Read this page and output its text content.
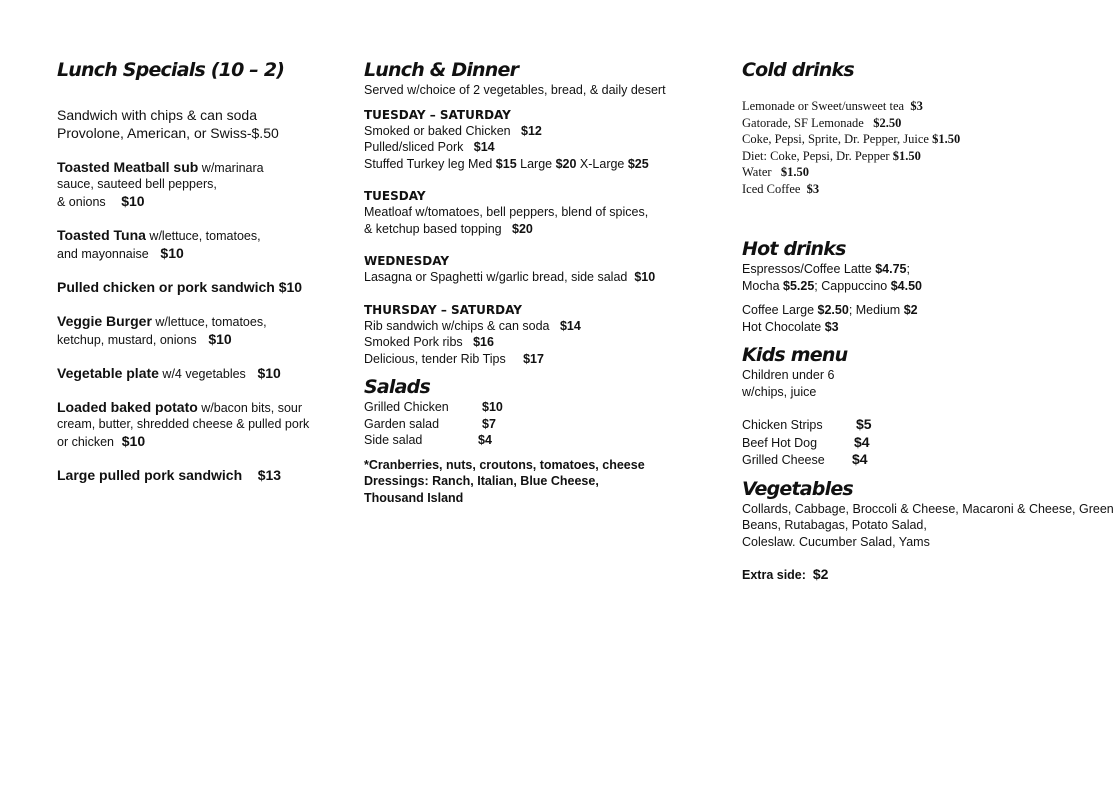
Lunch Specials (10 – 2)
Sandwich with chips & can soda
Provolone, American, or Swiss-$.50
Toasted Meatball sub w/marinara
sauce, sauteed bell peppers,
& onions $10
Toasted Tuna w/lettuce, tomatoes,
and mayonnaise $10
Pulled chicken or pork sandwich $10
Veggie Burger w/lettuce, tomatoes,
ketchup, mustard, onions $10
Vegetable plate w/4 vegetables $10
Loaded baked potato w/bacon bits, sour
cream, butter, shredded cheese & pulled pork
or chicken $10
Large pulled pork sandwich $13
Lunch & Dinner
Served w/choice of 2 vegetables, bread, & daily desert
TUESDAY – SATURDAY
Smoked or baked Chicken $12
Pulled/sliced Pork $14
Stuffed Turkey leg Med $15 Large $20 X-Large $25
TUESDAY
Meatloaf w/tomatoes, bell peppers, blend of spices,
& ketchup based topping $20
WEDNESDAY
Lasagna or Spaghetti w/garlic bread, side salad $10
THURSDAY – SATURDAY
Rib sandwich w/chips & can soda $14
Smoked Pork ribs $16
Delicious, tender Rib Tips $17
Salads
Grilled Chicken	$10
Garden salad	$7
Side salad	$4
*Cranberries, nuts, croutons, tomatoes, cheese
Dressings: Ranch, Italian, Blue Cheese,
Thousand Island
Cold drinks
Lemonade or Sweet/unsweet tea $3
Gatorade, SF Lemonade $2.50
Coke, Pepsi, Sprite, Dr. Pepper, Juice $1.50
Diet: Coke, Pepsi, Dr. Pepper $1.50
Water $1.50
Iced Coffee $3
Hot drinks
Espressos/Coffee Latte $4.75;
Mocha $5.25; Cappuccino $4.50
Coffee Large $2.50; Medium $2
Hot Chocolate $3
Kids menu
Children under 6
w/chips, juice
Chicken Strips $5
Beef Hot Dog	$4
Grilled Cheese $4
Vegetables
Collards, Cabbage, Broccoli & Cheese, Macaroni & Cheese, Green
Beans, Rutabagas, Potato Salad,
Coleslaw. Cucumber Salad, Yams
Extra side: $2
